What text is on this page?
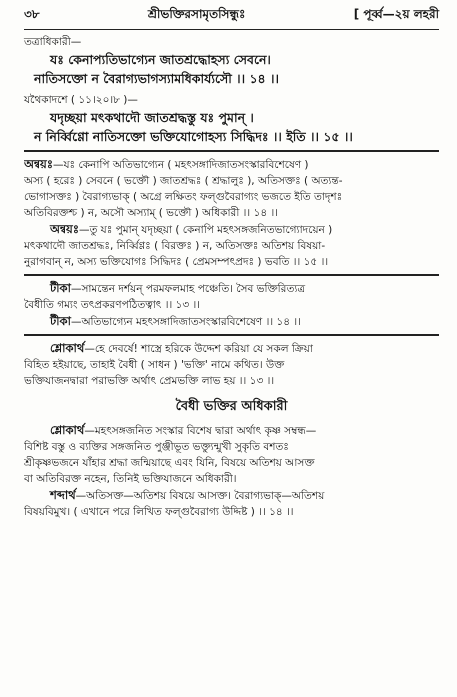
৩৮	শ্রীভক্তিরসামৃতসিন্ধুঃ	[ পূর্ব্ব—২য় লহরী
তত্রাধিকারী—
যঃ কেনাপ্যতিভাগ্যেন জাতশ্রদ্ধোহস্য সেবনে।
নাতিসক্তো ন বৈরাগ্যভাগস্যামধিকার্য্যসৌ ।। ১৪ ।।
যথৈকাদশে ( ১১।২০।৮ )—
যদৃচ্ছয়া মৎকথাদৌ জাতশ্রদ্ধস্তু যঃ পুমান্ ।
ন নির্ব্বিণ্ণো নাতিসক্তো ভক্তিযোগোহস্য সিদ্ধিদঃ ।। ইতি ।। ১৫ ।।
অন্বয়ঃ—যঃ কেনাপি অতিভাগ্যেন ( মহৎসঙ্গাদিজাতসংস্কারবিশেষেণ )
অস্য ( হরেঃ ) সেবনে ( ভক্তৌ ) জাতশ্রদ্ধঃ ( শ্রদ্ধালুঃ ), অতিসক্তঃ ( অত্যন্ত-
ভোগাসক্তঃ ) বৈরাগ্যভাক্ ( অগ্রে লক্ষিতং ফল্গুবৈরাগ্যং ভজতে ইতি তাদৃশঃ
অতিবিরক্তশ্চ ) ন, অসৌ অস্যাম্ ( ভক্তৌ ) অধিকারী ।। ১৪ ।।
অন্বয়ঃ—তু যঃ পুমান্ যদৃচ্ছয়া ( কেনাপি মহৎসঙ্গজনিতভাগ্যোদয়েন )
মৎকথাদৌ জাতশ্রদ্ধঃ, নির্ব্বিণ্ণঃ ( বিরক্তঃ ) ন, অতিসক্তঃ অতিশয় বিষয়া-
নুরাগবান্ ন, অস্য ভক্তিযোগঃ সিদ্ধিদঃ ( প্রেমসম্পৎপ্রদঃ ) ভবতি ।। ১৫ ।।
টীকা—সামন্তেন দর্শয়ন্ পরমফলমাহ পঞ্চেতি। সৈব ভক্তিরিত্যত্র
বৈধীতি গম্যং তৎপ্রকরণপঠিতত্বাৎ ।। ১৩ ।।
টীকা—অতিভাগ্যেন মহৎসঙ্গাদিজাতসংস্কারবিশেষেণ ।। ১৪ ।।
শ্লোকার্থ—হে দেবর্ষে! শাস্ত্রে হরিকে উদ্দেশ করিয়া যে সকল ক্রিয়া
বিহিত হইয়াছে, তাহাই বৈধী ( সাধন ) 'ভক্তি' নামে কথিত। উক্ত
ভক্তিযাজনদ্বারা পরাভক্তি অর্থাৎ প্রেমভক্তি লাভ হয় ।। ১৩ ।।
বৈধী ভক্তির অধিকারী
শ্লোকার্থ—মহৎসঙ্গজনিত সংস্কার বিশেষ দ্বারা অর্থাৎ কৃষ্ণ সম্বন্ধ—
বিশিষ্ট বস্তু ও ব্যক্তির সঙ্গজনিত পুঞ্জীভূত ভক্ত্যুন্মুখী সুকৃতি বশতঃ
শ্রীকৃষ্ণভজনে যাঁহার শ্রদ্ধা জন্মিয়াছে এবং যিনি, বিষয়ে অতিশয় আসক্ত
বা অতিবিরক্ত নহেন, তিনিই ভক্তিযাজনে অধিকারী।
শব্দার্থ—অতিসক্ত—অতিশয় বিষয়ে আসক্ত। বৈরাগ্যভাক্—অতিশয়
বিষয়বিমুখ। ( এখানে পরে লিখিত ফল্গুবৈরাগ্য উদ্দিষ্ট ) ।। ১৪ ।।
